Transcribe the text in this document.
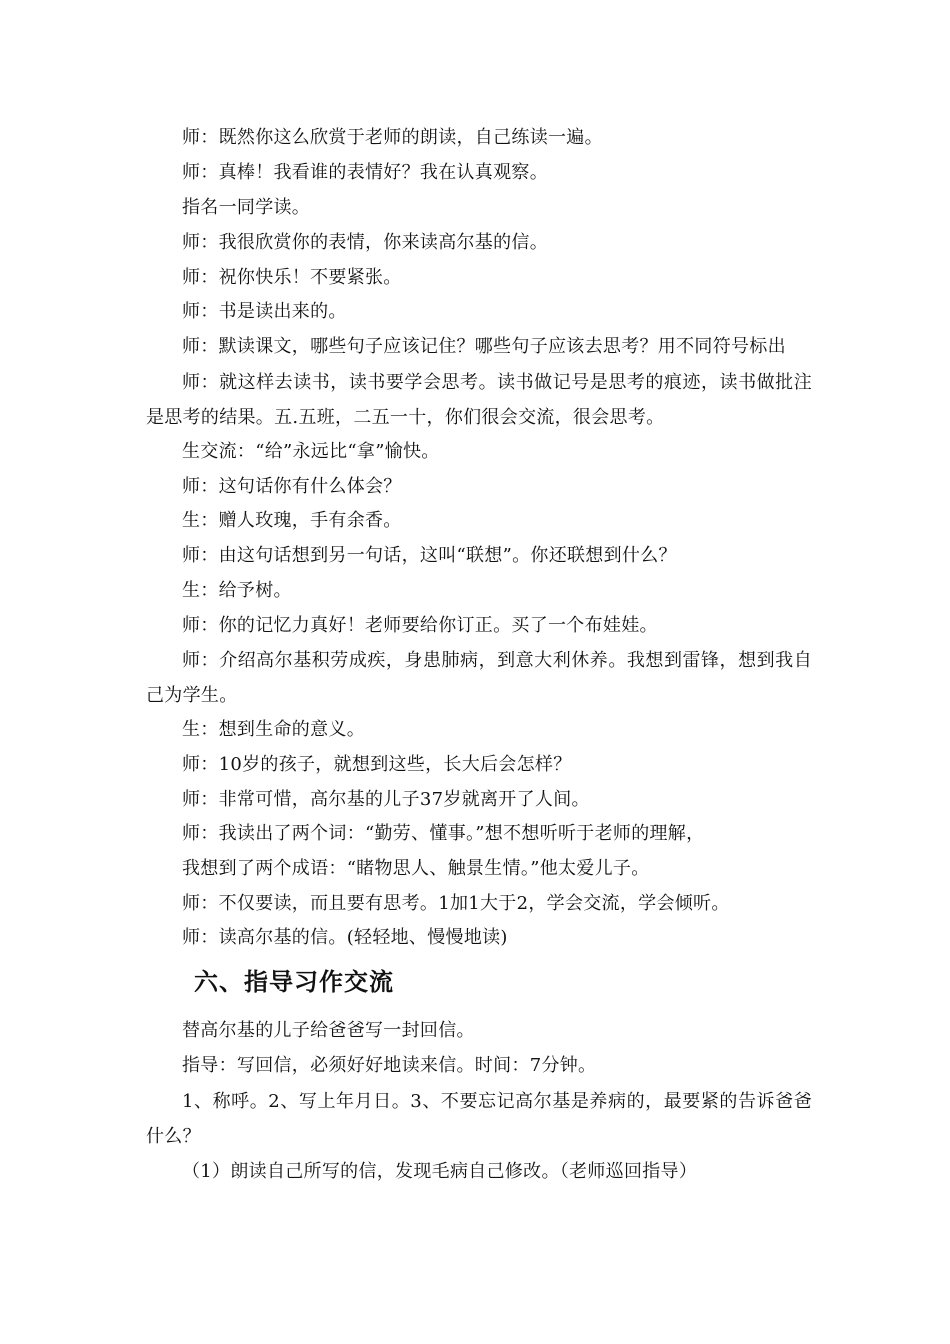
师：既然你这么欣赏于老师的朗读，自己练读一遍。
师：真棒！我看谁的表情好？我在认真观察。
指名一同学读。
师：我很欣赏你的表情，你来读高尔基的信。
师：祝你快乐！不要紧张。
师：书是读出来的。
师：默读课文，哪些句子应该记住？哪些句子应该去思考？用不同符号标出
师：就这样去读书，读书要学会思考。读书做记号是思考的痕迹，读书做批注是思考的结果。五.五班，二五一十，你们很会交流，很会思考。
生交流：“给”永远比“拿”愉快。
师：这句话你有什么体会？
生：赠人玫瑰，手有余香。
师：由这句话想到另一句话，这叫“联想”。你还联想到什么？
生：给予树。
师：你的记忆力真好！老师要给你订正。买了一个布娃娃。
师：介绍高尔基积劳成疾，身患肺病，到意大利休养。我想到雷锋，想到我自己为学生。
生：想到生命的意义。
师：10岁的孩子，就想到这些，长大后会怎样？
师：非常可惜，高尔基的儿子37岁就离开了人间。
师：我读出了两个词：“勤劳、懂事。”想不想听听于老师的理解，
我想到了两个成语：“睹物思人、触景生情。”他太爱儿子。
师：不仅要读，而且要有思考。1加1大于2，学会交流，学会倾听。
师：读高尔基的信。(轻轻地、慢慢地读)
六、指导习作交流
替高尔基的儿子给爸爸写一封回信。
指导：写回信，必须好好地读来信。时间：7分钟。
1、称呼。2、写上年月日。3、不要忘记高尔基是养病的，最要紧的告诉爸爸什么？
（1）朗读自己所写的信，发现毛病自己修改。（老师巡回指导）
